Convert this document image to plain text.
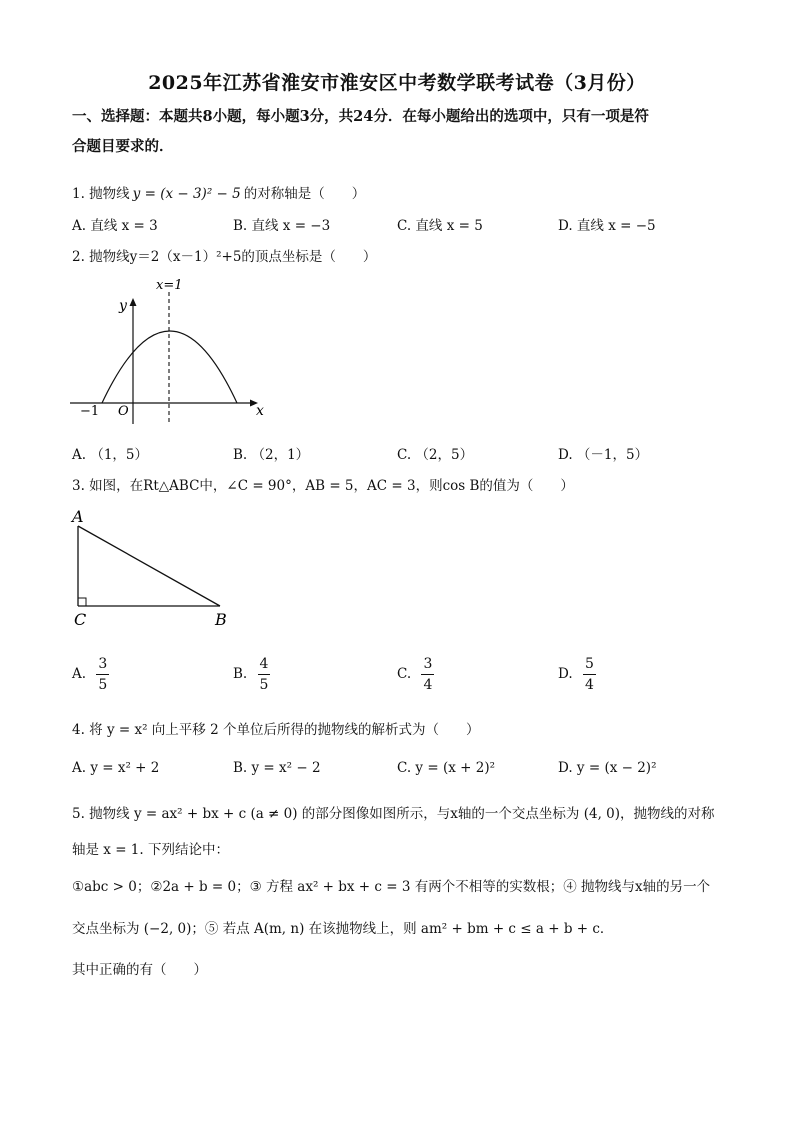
2025年江苏省淮安市淮安区中考数学联考试卷（3月份）
一、选择题：本题共8小题，每小题3分，共24分．在每小题给出的选项中，只有一项是符
合题目要求的．
1. 抛物线 y = (x − 3)² − 5 的对称轴是（　　）
A. 直线 x = 3	B. 直线 x = −3	C. 直线 x = 5	D. 直线 x = −5
2. 抛物线y＝2（x－1）²+5的顶点坐标是（　　）
x=1
y
x
O
−1
A. （1，5）	B. （2，1）	C. （2，5）	D. （－1，5）
3. 如图，在Rt△ABC中，∠C = 90°，AB = 5，AC = 3，则cos B的值为（　　）
A
C	B
A. $\frac{3}{5}$	B. $\frac{4}{5}$	C. $\frac{3}{4}$	D. $\frac{5}{4}$
4. 将 y = x² 向上平移 2 个单位后所得的抛物线的解析式为（　　）
A. y = x² + 2	B. y = x² − 2	C. y = (x + 2)²	D. y = (x − 2)²
5. 抛物线 y = ax² + bx + c (a ≠ 0) 的部分图像如图所示，与x轴的一个交点坐标为 (4, 0)，抛物线的对称
轴是 x = 1. 下列结论中：
①abc > 0；②2a + b = 0；③ 方程 ax² + bx + c = 3 有两个不相等的实数根；④ 抛物线与x轴的另一个
交点坐标为 (−2, 0)；⑤ 若点 A(m, n) 在该抛物线上，则 am² + bm + c ≤ a + b + c．
其中正确的有（　　）
